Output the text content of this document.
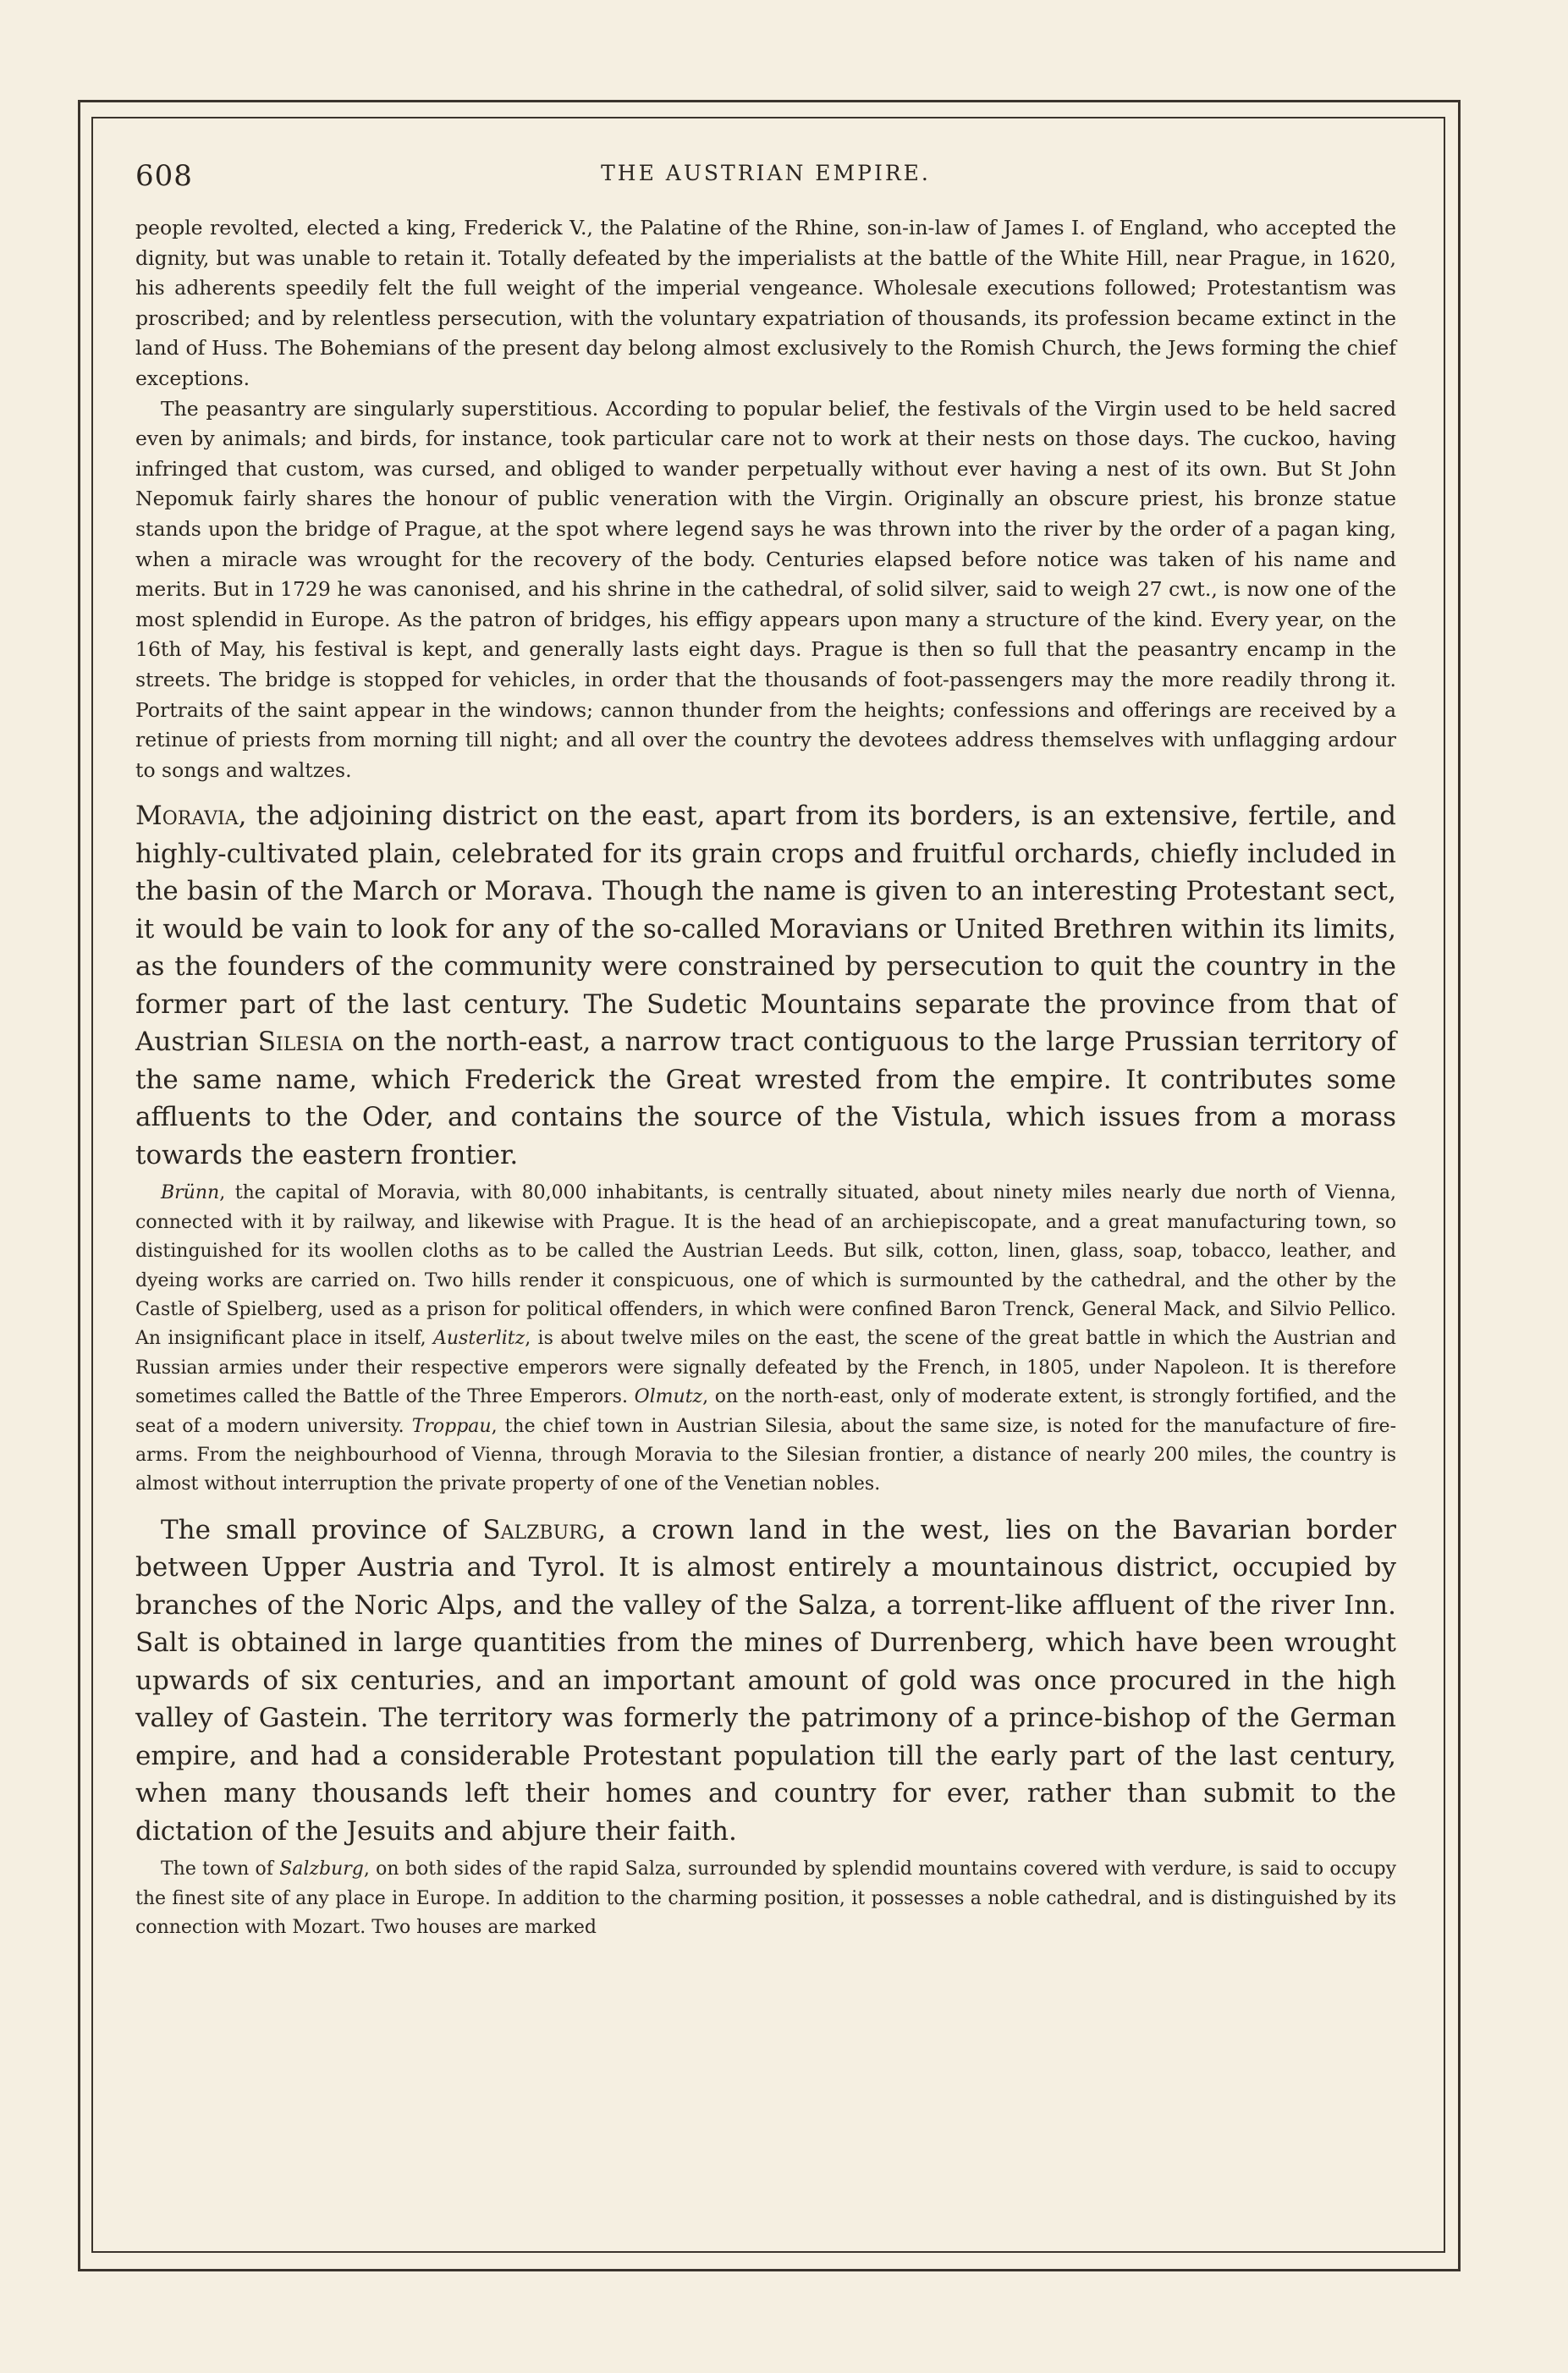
608	THE AUSTRIAN EMPIRE.

people revolted, elected a king, Frederick V., the Palatine of the Rhine, son-in-law of James I. of England, who accepted the dignity, but was unable to retain it. Totally defeated by the imperialists at the battle of the White Hill, near Prague, in 1620, his adherents speedily felt the full weight of the imperial vengeance. Wholesale executions followed; Protestantism was proscribed; and by relentless persecution, with the voluntary expatriation of thousands, its profession became extinct in the land of Huss. The Bohemians of the present day belong almost exclusively to the Romish Church, the Jews forming the chief exceptions.

The peasantry are singularly superstitious. According to popular belief, the festivals of the Virgin used to be held sacred even by animals; and birds, for instance, took particular care not to work at their nests on those days. The cuckoo, having infringed that custom, was cursed, and obliged to wander perpetually without ever having a nest of its own. But St John Nepomuk fairly shares the honour of public veneration with the Virgin. Originally an obscure priest, his bronze statue stands upon the bridge of Prague, at the spot where legend says he was thrown into the river by the order of a pagan king, when a miracle was wrought for the recovery of the body. Centuries elapsed before notice was taken of his name and merits. But in 1729 he was canonised, and his shrine in the cathedral, of solid silver, said to weigh 27 cwt., is now one of the most splendid in Europe. As the patron of bridges, his effigy appears upon many a structure of the kind. Every year, on the 16th of May, his festival is kept, and generally lasts eight days. Prague is then so full that the peasantry encamp in the streets. The bridge is stopped for vehicles, in order that the thousands of foot-passengers may the more readily throng it. Portraits of the saint appear in the windows; cannon thunder from the heights; confessions and offerings are received by a retinue of priests from morning till night; and all over the country the devotees address themselves with unflagging ardour to songs and waltzes.

Moravia, the adjoining district on the east, apart from its borders, is an extensive, fertile, and highly-cultivated plain, celebrated for its grain crops and fruitful orchards, chiefly included in the basin of the March or Morava. Though the name is given to an interesting Protestant sect, it would be vain to look for any of the so-called Moravians or United Brethren within its limits, as the founders of the community were constrained by persecution to quit the country in the former part of the last century. The Sudetic Mountains separate the province from that of Austrian Silesia on the north-east, a narrow tract contiguous to the large Prussian territory of the same name, which Frederick the Great wrested from the empire. It contributes some affluents to the Oder, and contains the source of the Vistula, which issues from a morass towards the eastern frontier.

Brünn, the capital of Moravia, with 80,000 inhabitants, is centrally situated, about ninety miles nearly due north of Vienna, connected with it by railway, and likewise with Prague. It is the head of an archiepiscopate, and a great manufacturing town, so distinguished for its woollen cloths as to be called the Austrian Leeds. But silk, cotton, linen, glass, soap, tobacco, leather, and dyeing works are carried on. Two hills render it conspicuous, one of which is surmounted by the cathedral, and the other by the Castle of Spielberg, used as a prison for political offenders, in which were confined Baron Trenck, General Mack, and Silvio Pellico. An insignificant place in itself, Austerlitz, is about twelve miles on the east, the scene of the great battle in which the Austrian and Russian armies under their respective emperors were signally defeated by the French, in 1805, under Napoleon. It is therefore sometimes called the Battle of the Three Emperors. Olmutz, on the north-east, only of moderate extent, is strongly fortified, and the seat of a modern university. Troppau, the chief town in Austrian Silesia, about the same size, is noted for the manufacture of fire-arms. From the neighbourhood of Vienna, through Moravia to the Silesian frontier, a distance of nearly 200 miles, the country is almost without interruption the private property of one of the Venetian nobles.

The small province of Salzburg, a crown land in the west, lies on the Bavarian border between Upper Austria and Tyrol. It is almost entirely a mountainous district, occupied by branches of the Noric Alps, and the valley of the Salza, a torrent-like affluent of the river Inn. Salt is obtained in large quantities from the mines of Durrenberg, which have been wrought upwards of six centuries, and an important amount of gold was once procured in the high valley of Gastein. The territory was formerly the patrimony of a prince-bishop of the German empire, and had a considerable Protestant population till the early part of the last century, when many thousands left their homes and country for ever, rather than submit to the dictation of the Jesuits and abjure their faith.

The town of Salzburg, on both sides of the rapid Salza, surrounded by splendid mountains covered with verdure, is said to occupy the finest site of any place in Europe. In addition to the charming position, it possesses a noble cathedral, and is distinguished by its connection with Mozart. Two houses are marked
